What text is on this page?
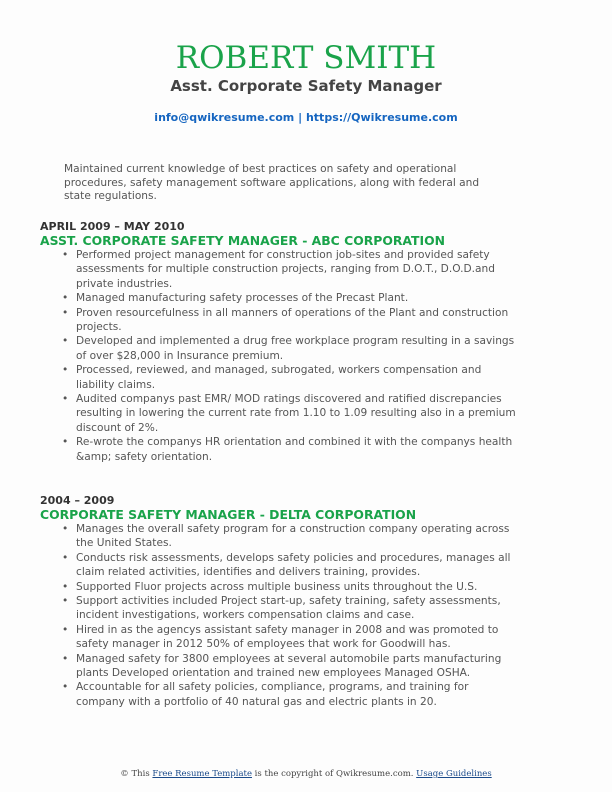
ROBERT SMITH
Asst. Corporate Safety Manager
info@qwikresume.com | https://Qwikresume.com
Maintained current knowledge of best practices on safety and operational procedures, safety management software applications, along with federal and state regulations.
APRIL 2009 – MAY 2010
ASST. CORPORATE SAFETY MANAGER - ABC CORPORATION
• Performed project management for construction job-sites and provided safety assessments for multiple construction projects, ranging from D.O.T., D.O.D.and private industries.
• Managed manufacturing safety processes of the Precast Plant.
• Proven resourcefulness in all manners of operations of the Plant and construction projects.
• Developed and implemented a drug free workplace program resulting in a savings of over $28,000 in Insurance premium.
• Processed, reviewed, and managed, subrogated, workers compensation and liability claims.
• Audited companys past EMR/ MOD ratings discovered and ratified discrepancies resulting in lowering the current rate from 1.10 to 1.09 resulting also in a premium discount of 2%.
• Re-wrote the companys HR orientation and combined it with the companys health &amp; safety orientation.
2004 – 2009
CORPORATE SAFETY MANAGER - DELTA CORPORATION
• Manages the overall safety program for a construction company operating across the United States.
• Conducts risk assessments, develops safety policies and procedures, manages all claim related activities, identifies and delivers training, provides.
• Supported Fluor projects across multiple business units throughout the U.S.
• Support activities included Project start-up, safety training, safety assessments, incident investigations, workers compensation claims and case.
• Hired in as the agencys assistant safety manager in 2008 and was promoted to safety manager in 2012 50% of employees that work for Goodwill has.
• Managed safety for 3800 employees at several automobile parts manufacturing plants Developed orientation and trained new employees Managed OSHA.
• Accountable for all safety policies, compliance, programs, and training for company with a portfolio of 40 natural gas and electric plants in 20.
© This Free Resume Template is the copyright of Qwikresume.com. Usage Guidelines
